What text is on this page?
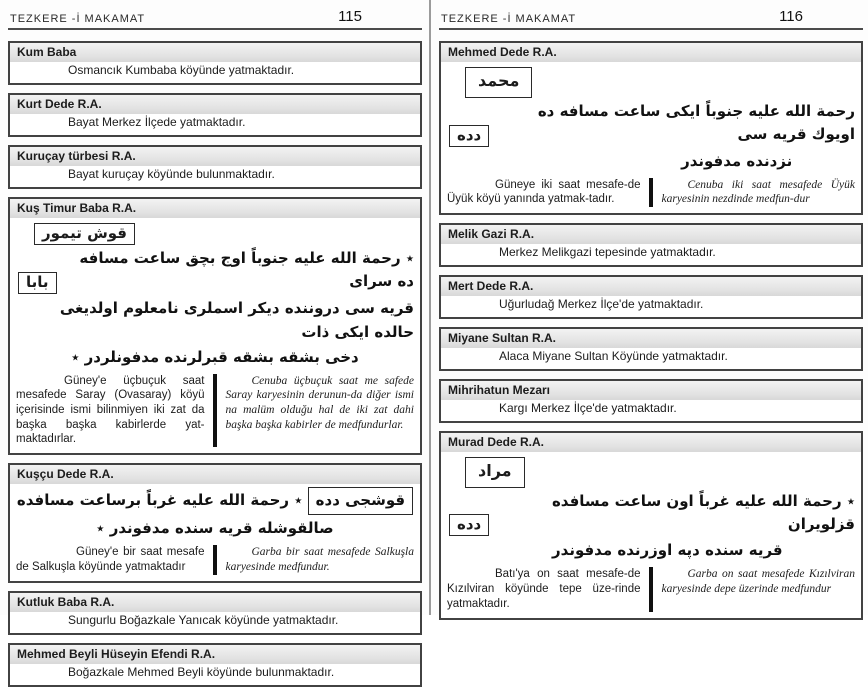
TEZKERE -İ MAKAMAT	115
Kum Baba
Osmancık Kumbaba köyünde yatmaktadır.
Kurt Dede R.A.
Bayat Merkez İlçede yatmaktadır.
Kuruçay türbesi R.A.
Bayat kuruçay köyünde bulunmaktadır.
Kuş Timur Baba R.A.
قوش تيمور
بابا
٭ رحمة الله عليه جنوباً اوج بچق ساعت مسافه ده سراى
قريه سى دروننده ديكر اسملرى نامعلوم اولديغى حالده ايكى ذات
دخى بشقه بشقه قبرلرنده مدفونلردر ٭
Güney'e üçbuçuk saat mesafede Saray (Ovasaray) köyü içerisinde ismi bilinmiyen iki zat da başka başka kabirlerde yat-maktadırlar.
Cenuba üçbuçuk saat me safede Saray karyesinin derunun-da diğer ismi na malüm olduğu hal de iki zat dahi başka başka kabirler de medfundurlar.
Kuşçu Dede R.A.
قوشجى دده ٭ رحمة الله عليه غرباً برساعت مسافده
صالقوشله قريه سنده مدفوندر ٭
Güney'e bir saat mesafe de Salkuşla köyünde yatmaktadır
Garba bir saat mesafede Salkuşla karyesinde medfundur.
Kutluk Baba R.A.
Sungurlu Boğazkale Yanıcak köyünde yatmaktadır.
Mehmed Beyli Hüseyin Efendi R.A.
Boğazkale Mehmed Beyli köyünde bulunmaktadır.
TEZKERE -İ MAKAMAT	116
Mehmed Dede R.A.
محمد
دده
رحمة الله عليه جنوباً ايكى ساعت مسافه ده اويوك قريه سى
نزدنده مدفوندر
Güneye iki saat mesafe-de Üyük köyü yanında yatmak-tadır.
Cenuba iki saat mesafede Üyük karyesinin nezdinde medfun-dur
Melik Gazi R.A.
Merkez Melikgazi tepesinde yatmaktadır.
Mert Dede R.A.
Uğurludağ Merkez İlçe'de yatmaktadır.
Miyane Sultan R.A.
Alaca Miyane Sultan Köyünde yatmaktadır.
Mihrihatun Mezarı
Kargı Merkez İlçe'de yatmaktadır.
Murad Dede R.A.
مراد
دده
٭ رحمة الله عليه غرباً اون ساعت مسافده قزلويران
قريه سنده دپه اوزرنده مدفوندر
Batı'ya on saat mesafe-de Kızılviran köyünde tepe üze-rinde yatmaktadır.
Garba on saat mesafede Kızılviran karyesinde depe üzerinde medfundur
